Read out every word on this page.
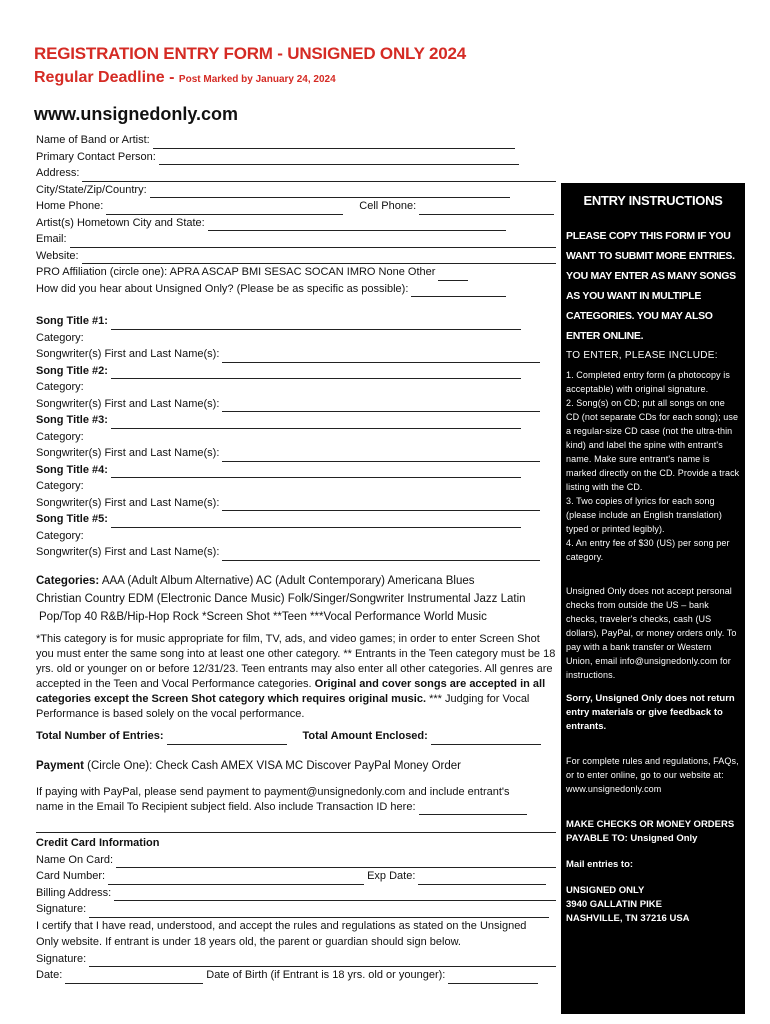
REGISTRATION ENTRY FORM - UNSIGNED ONLY 2024
Regular Deadline - Post Marked by January 24, 2024
www.unsignedonly.com
Name of Band or Artist:
Primary Contact Person:
Address:
City/State/Zip/Country:
Home Phone:	Cell Phone:
Artist(s) Hometown City and State:
Email:
Website:
PRO Affiliation (circle one): APRA ASCAP BMI SESAC SOCAN IMRO None Other
How did you hear about Unsigned Only? (Please be as specific as possible):
Song Title #1:
Category:
Songwriter(s) First and Last Name(s):
Song Title #2:
Category:
Songwriter(s) First and Last Name(s):
Song Title #3:
Category:
Songwriter(s) First and Last Name(s):
Song Title #4:
Category:
Songwriter(s) First and Last Name(s):
Song Title #5:
Category:
Songwriter(s) First and Last Name(s):
Categories: AAA (Adult Album Alternative) AC (Adult Contemporary) Americana Blues
Christian Country EDM (Electronic Dance Music) Folk/Singer/Songwriter Instrumental Jazz Latin
Pop/Top 40 R&B/Hip-Hop Rock *Screen Shot **Teen ***Vocal Performance World Music
*This category is for music appropriate for film, TV, ads, and video games; in order to enter Screen Shot you must enter the same song into at least one other category. ** Entrants in the Teen category must be 18 yrs. old or younger on or before 12/31/23. Teen entrants may also enter all other categories. All genres are accepted in the Teen and Vocal Performance categories. Original and cover songs are accepted in all categories except the Screen Shot category which requires original music. *** Judging for Vocal Performance is based solely on the vocal performance.
Total Number of Entries:	Total Amount Enclosed:
Payment (Circle One): Check Cash AMEX VISA MC Discover PayPal Money Order
If paying with PayPal, please send payment to payment@unsignedonly.com and include entrant's
name in the Email To Recipient subject field. Also include Transaction ID here:
Credit Card Information
Name On Card:
Card Number:	Exp Date:
Billing Address:
Signature:
I certify that I have read, understood, and accept the rules and regulations as stated on the Unsigned
Only website. If entrant is under 18 years old, the parent or guardian should sign below.
Signature:
Date:	Date of Birth (if Entrant is 18 yrs. old or younger):
ENTRY INSTRUCTIONS
PLEASE COPY THIS FORM IF YOU WANT TO SUBMIT MORE ENTRIES. YOU MAY ENTER AS MANY SONGS AS YOU WANT IN MULTIPLE CATEGORIES. YOU MAY ALSO ENTER ONLINE.
TO ENTER, PLEASE INCLUDE:
1. Completed entry form (a photocopy is acceptable) with original signature.
2. Song(s) on CD; put all songs on one CD (not separate CDs for each song); use a regular-size CD case (not the ultra-thin kind) and label the spine with entrant's name. Make sure entrant's name is marked directly on the CD. Provide a track listing with the CD.
3. Two copies of lyrics for each song (please include an English translation) typed or printed legibly).
4. An entry fee of $30 (US) per song per category.
Unsigned Only does not accept personal checks from outside the US – bank checks, traveler's checks, cash (US dollars), PayPal, or money orders only. To pay with a bank transfer or Western Union, email info@unsignedonly.com for instructions.
Sorry, Unsigned Only does not return entry materials or give feedback to entrants.
For complete rules and regulations, FAQs, or to enter online, go to our website at: www.unsignedonly.com
MAKE CHECKS OR MONEY ORDERS PAYABLE TO: Unsigned Only
Mail entries to:
UNSIGNED ONLY
3940 GALLATIN PIKE
NASHVILLE, TN 37216 USA
